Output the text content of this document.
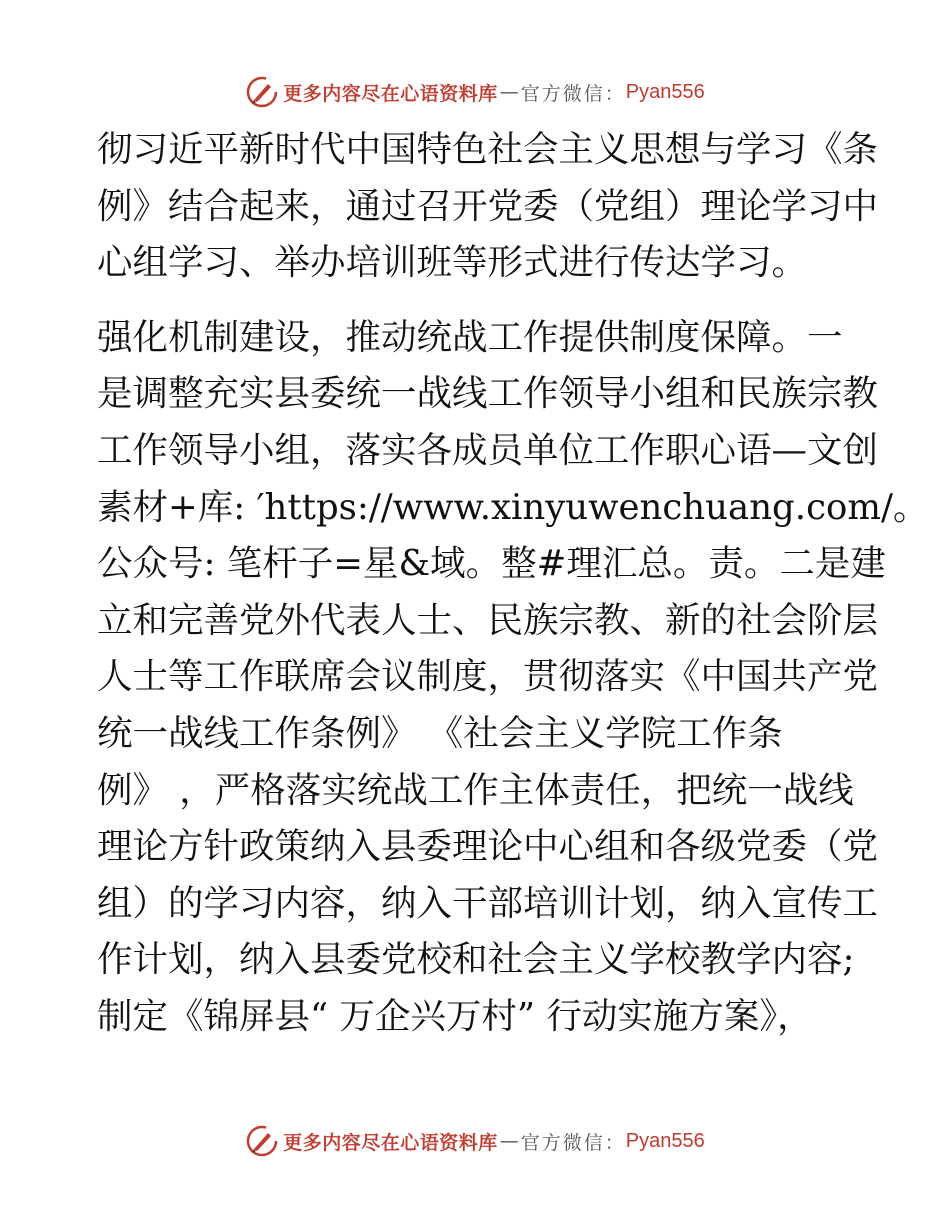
更多内容尽在心语资料库 — 官方微信： Pyan556
彻习近平新时代中国特色社会主义思想与学习《条
例》结合起来，通过召开党委（党组）理论学习中
心组学习、举办培训班等形式进行传达学习。
强化机制建设，推动统战工作提供制度保障。一
是调整充实县委统一战线工作领导小组和民族宗教
工作领导小组，落实各成员单位工作职心语—文创
素材+库: ′https://www.xinyuwenchuang.com/。
公众号: 笔杆子=星&域。整#理汇总。责。二是建
立和完善党外代表人士、民族宗教、新的社会阶层
人士等工作联席会议制度，贯彻落实《中国共产党
统一战线工作条例》 《社会主义学院工作条
例》 ，严格落实统战工作主体责任，把统一战线
理论方针政策纳入县委理论中心组和各级党委（党
组）的学习内容，纳入干部培训计划，纳入宣传工
作计划，纳入县委党校和社会主义学校教学内容;
制定《锦屏县“ 万企兴万村” 行动实施方案》，
更多内容尽在心语资料库 — 官方微信： Pyan556
